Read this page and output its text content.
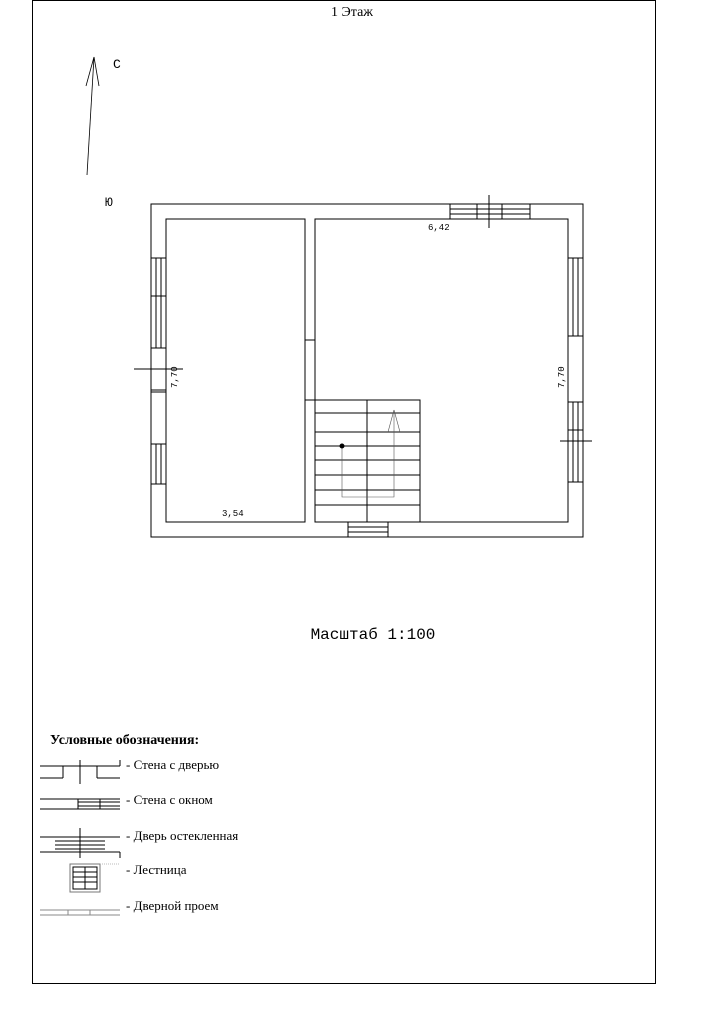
1 Этаж
С
Ю
6,42
3,54
7,70	7,70
Масштаб 1:100
Условные обозначения:
- Стена с дверью
- Стена с окном
- Дверь остекленная
- Лестница
- Дверной проем
